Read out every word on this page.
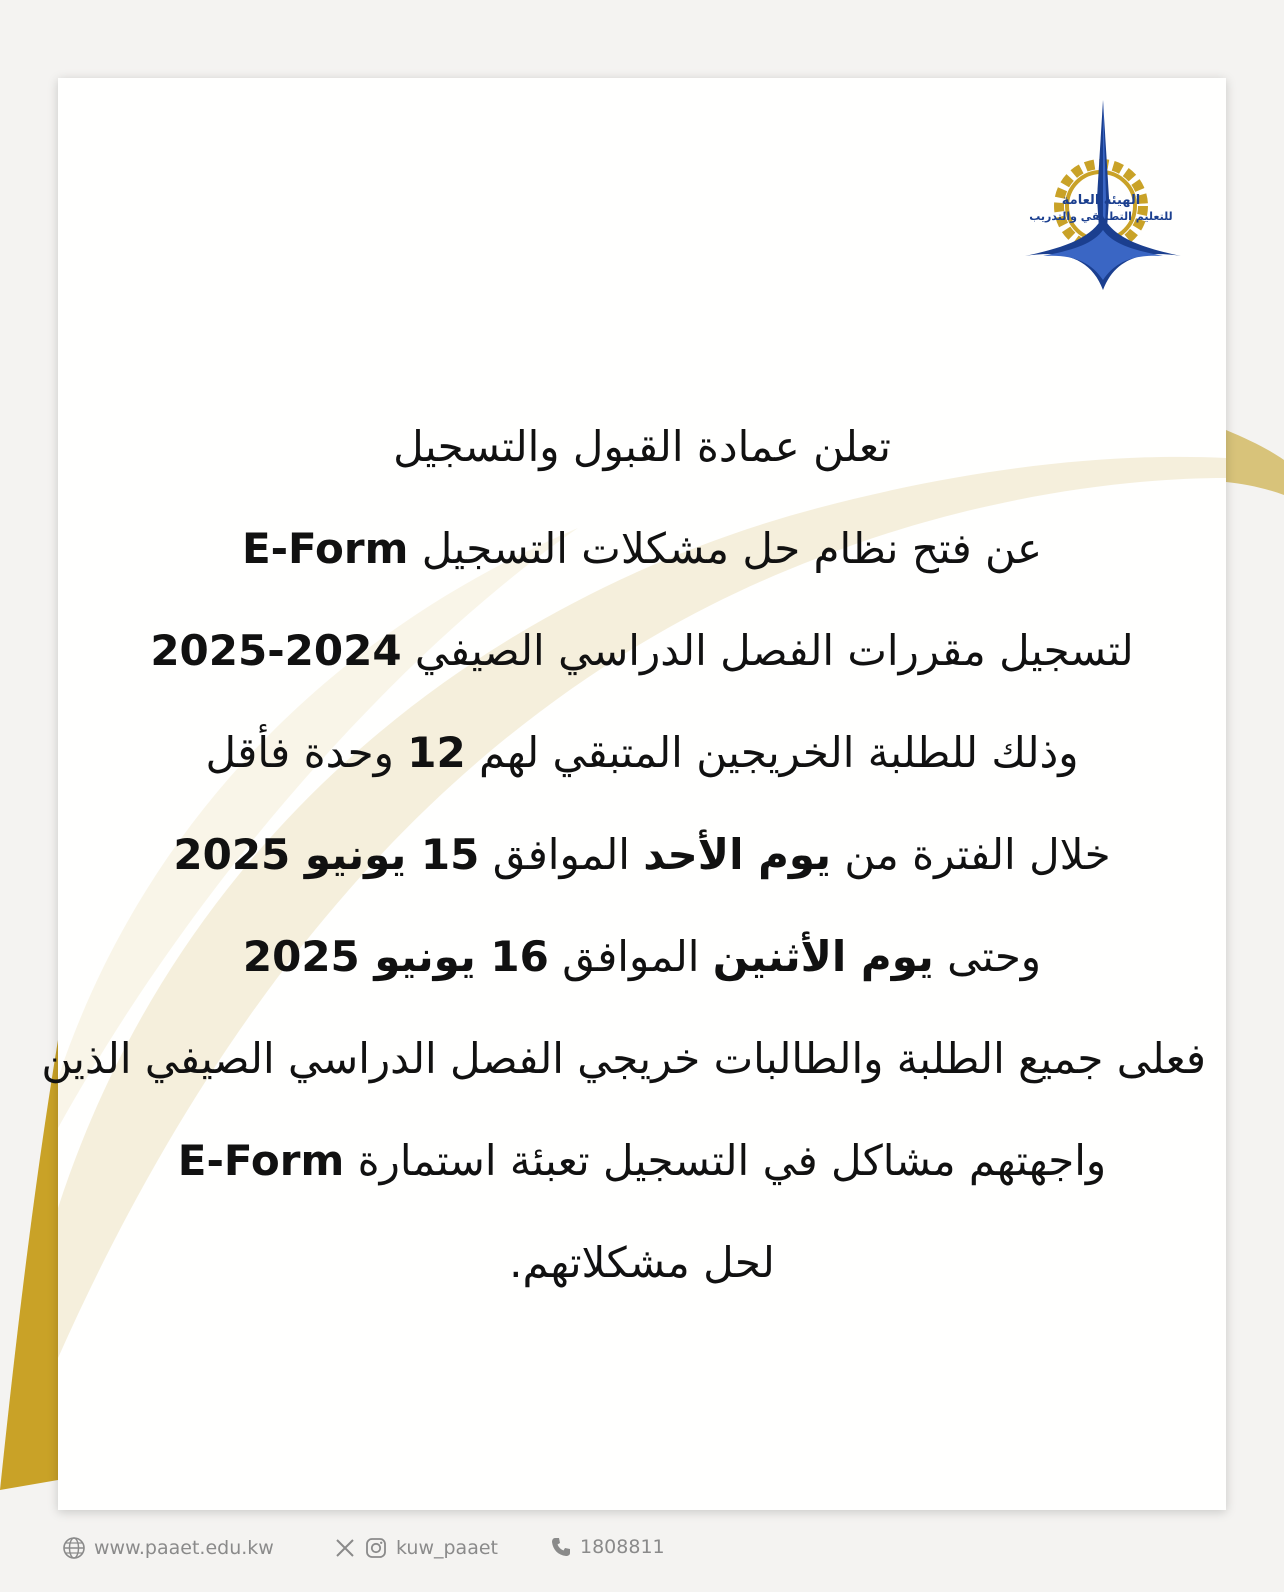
الهيئة العامة
للتعليم التطبيقي والتدريب
تعلن عمادة القبول والتسجيل
عن فتح نظام حل مشكلات التسجيل E-Form
لتسجيل مقررات الفصل الدراسي الصيفي 2024-2025
وذلك للطلبة الخريجين المتبقي لهم 12 وحدة فأقل
خلال الفترة من يوم الأحد الموافق 15 يونيو 2025
وحتى يوم الأثنين الموافق 16 يونيو 2025
فعلى جميع الطلبة والطالبات خريجي الفصل الدراسي الصيفي الذين
واجهتهم مشاكل في التسجيل تعبئة استمارة E-Form
لحل مشكلاتهم.
www.paaet.edu.kw	kuw_paaet	1808811
